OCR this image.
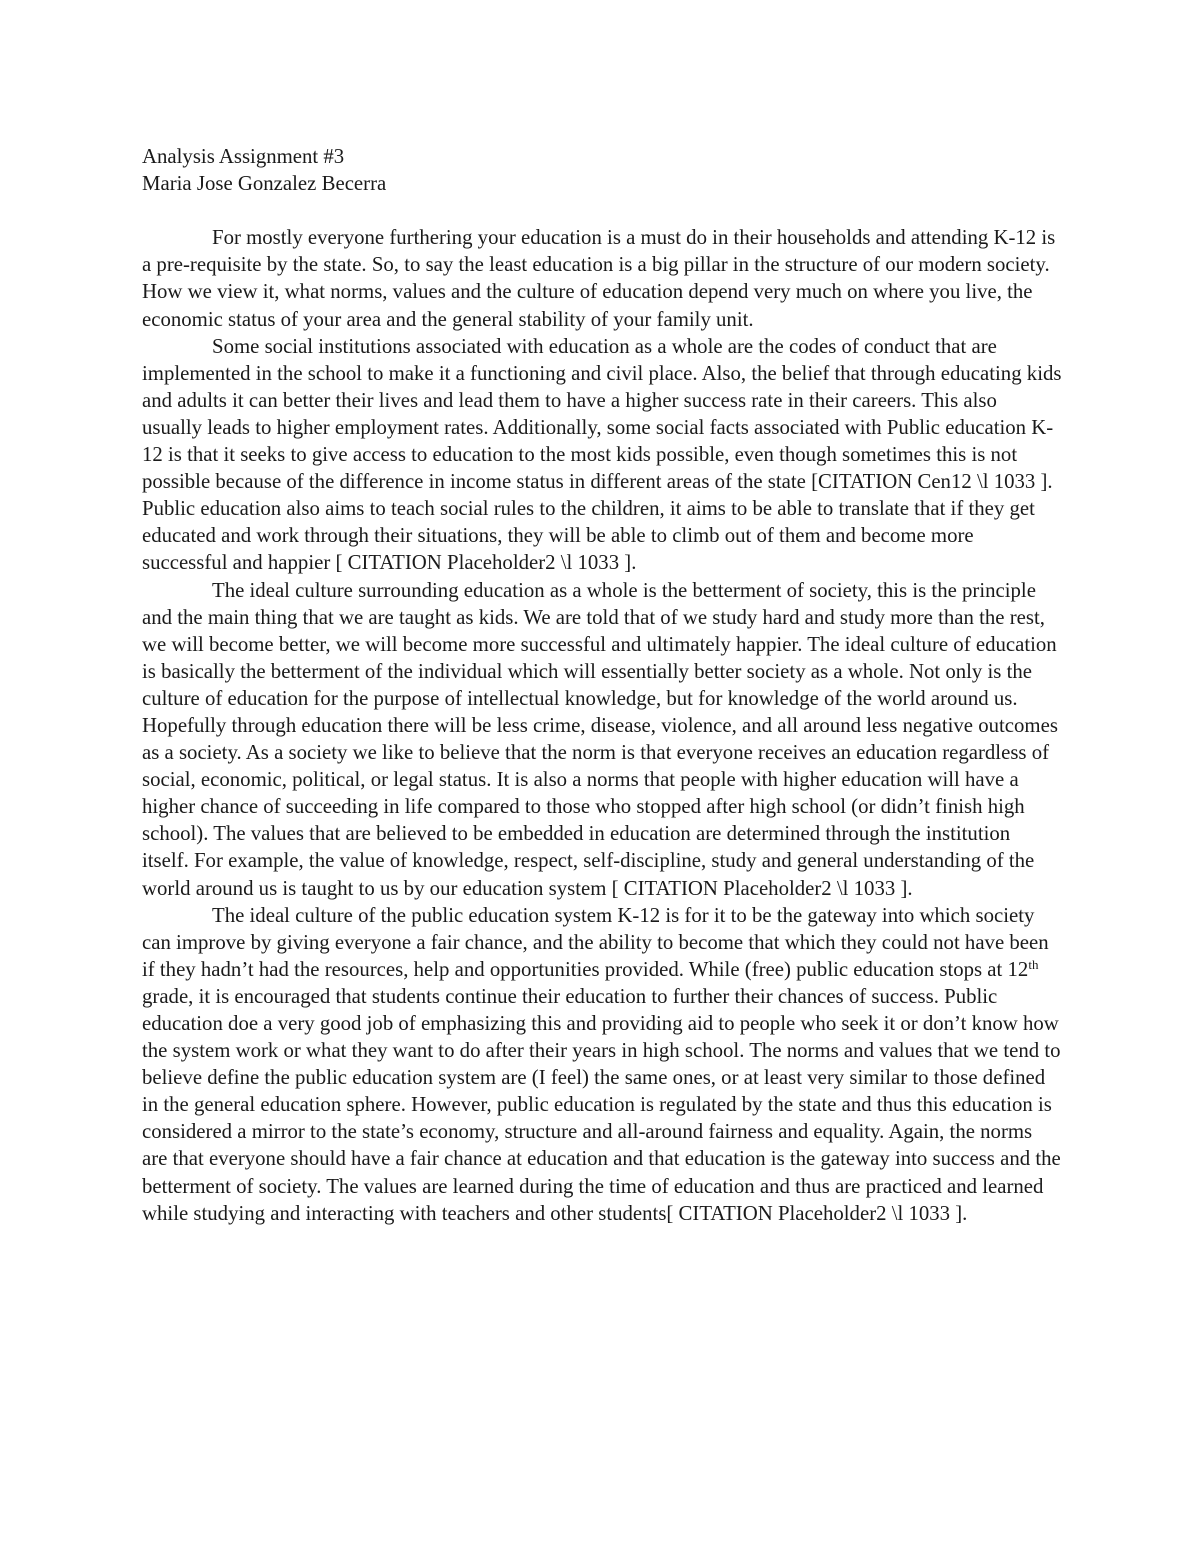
Analysis Assignment #3

Maria Jose Gonzalez Becerra

For mostly everyone furthering your education is a must do in their households and attending K-12 is a pre-requisite by the state. So, to say the least education is a big pillar in the structure of our modern society. How we view it, what norms, values and the culture of education depend very much on where you live, the economic status of your area and the general stability of your family unit.

Some social institutions associated with education as a whole are the codes of conduct that are implemented in the school to make it a functioning and civil place. Also, the belief that through educating kids and adults it can better their lives and lead them to have a higher success rate in their careers. This also usually leads to higher employment rates. Additionally, some social facts associated with Public education K-12 is that it seeks to give access to education to the most kids possible, even though sometimes this is not possible because of the difference in income status in different areas of the state [CITATION Cen12 \l 1033 ]. Public education also aims to teach social rules to the children, it aims to be able to translate that if they get educated and work through their situations, they will be able to climb out of them and become more successful and happier [ CITATION Placeholder2 \l 1033 ].

The ideal culture surrounding education as a whole is the betterment of society, this is the principle and the main thing that we are taught as kids. We are told that of we study hard and study more than the rest, we will become better, we will become more successful and ultimately happier. The ideal culture of education is basically the betterment of the individual which will essentially better society as a whole. Not only is the culture of education for the purpose of intellectual knowledge, but for knowledge of the world around us. Hopefully through education there will be less crime, disease, violence, and all around less negative outcomes as a society. As a society we like to believe that the norm is that everyone receives an education regardless of social, economic, political, or legal status. It is also a norms that people with higher education will have a higher chance of succeeding in life compared to those who stopped after high school (or didn’t finish high school). The values that are believed to be embedded in education are determined through the institution itself. For example, the value of knowledge, respect, self-discipline, study and general understanding of the world around us is taught to us by our education system [ CITATION Placeholder2 \l 1033 ].

The ideal culture of the public education system K-12 is for it to be the gateway into which society can improve by giving everyone a fair chance, and the ability to become that which they could not have been if they hadn’t had the resources, help and opportunities provided. While (free) public education stops at 12th grade, it is encouraged that students continue their education to further their chances of success. Public education doe a very good job of emphasizing this and providing aid to people who seek it or don’t know how the system work or what they want to do after their years in high school. The norms and values that we tend to believe define the public education system are (I feel) the same ones, or at least very similar to those defined in the general education sphere. However, public education is regulated by the state and thus this education is considered a mirror to the state’s economy, structure and all-around fairness and equality. Again, the norms are that everyone should have a fair chance at education and that education is the gateway into success and the betterment of society. The values are learned during the time of education and thus are practiced and learned while studying and interacting with teachers and other students[ CITATION Placeholder2 \l 1033 ].
